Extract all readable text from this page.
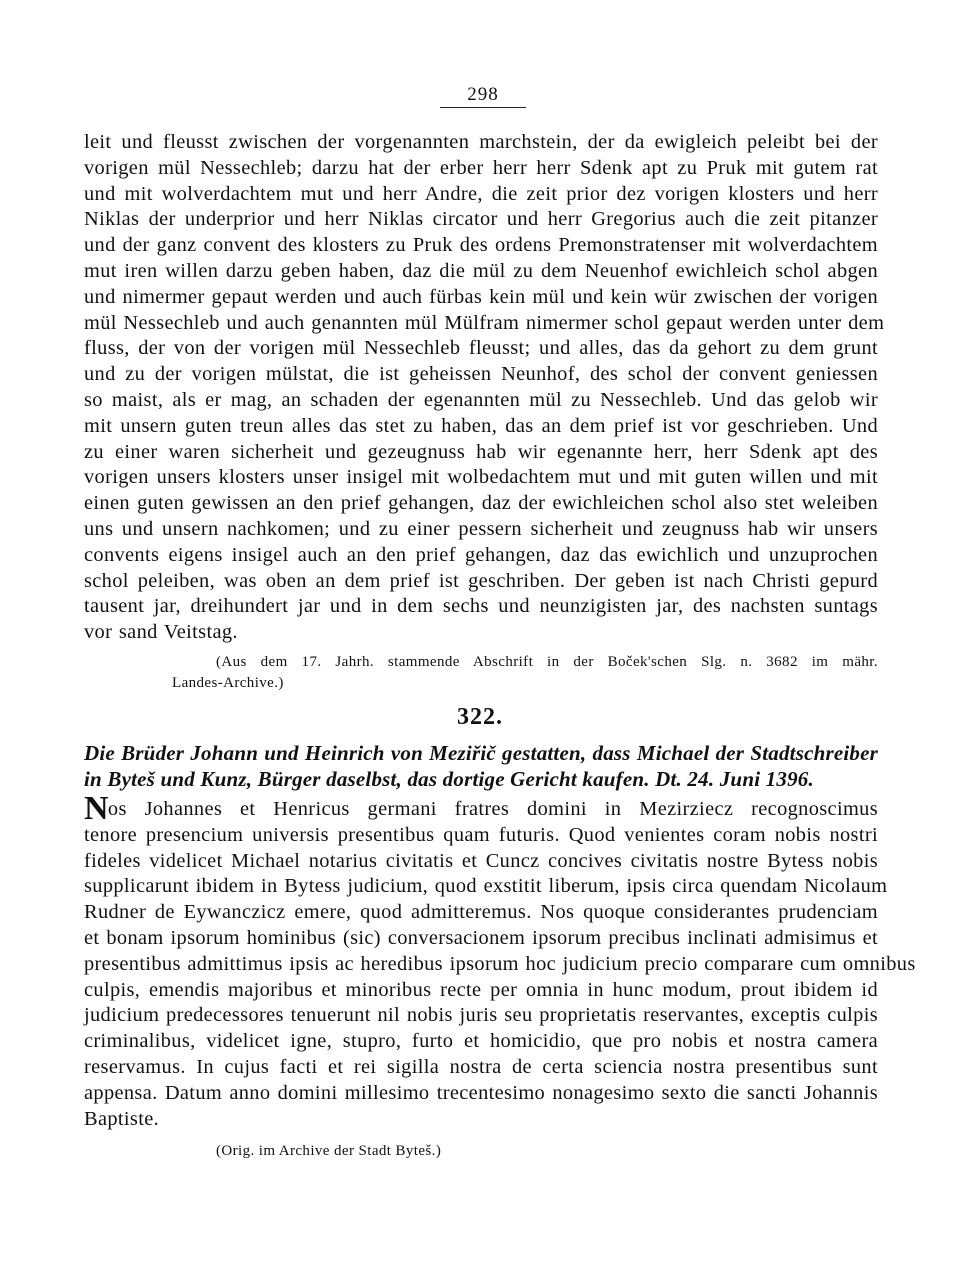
298
leit und fleusst zwischen der vorgenannten marchstein, der da ewigleich peleibt bei der
vorigen mül Nessechleb; darzu hat der erber herr herr Sdenk apt zu Pruk mit gutem rat
und mit wolverdachtem mut und herr Andre, die zeit prior dez vorigen klosters und herr
Niklas der underprior und herr Niklas circator und herr Gregorius auch die zeit pitanzer
und der ganz convent des klosters zu Pruk des ordens Premonstratenser mit wolverdachtem
mut iren willen darzu geben haben, daz die mül zu dem Neuenhof ewichleich schol abgen
und nimermer gepaut werden und auch fürbas kein mül und kein wür zwischen der vorigen
mül Nessechleb und auch genannten mül Mülfram nimermer schol gepaut werden unter dem
fluss, der von der vorigen mül Nessechleb fleusst; und alles, das da gehort zu dem grunt
und zu der vorigen mülstat, die ist geheissen Neunhof, des schol der convent geniessen
so maist, als er mag, an schaden der egenannten mül zu Nessechleb. Und das gelob wir
mit unsern guten treun alles das stet zu haben, das an dem prief ist vor geschrieben. Und
zu einer waren sicherheit und gezeugnuss hab wir egenannte herr, herr Sdenk apt des
vorigen unsers klosters unser insigel mit wolbedachtem mut und mit guten willen und mit
einen guten gewissen an den prief gehangen, daz der ewichleichen schol also stet weleiben
uns und unsern nachkomen; und zu einer pessern sicherheit und zeugnuss hab wir unsers
convents eigens insigel auch an den prief gehangen, daz das ewichlich und unzuprochen
schol peleiben, was oben an dem prief ist geschriben. Der geben ist nach Christi gepurd
tausent jar, dreihundert jar und in dem sechs und neunzigisten jar, des nachsten suntags
vor sand Veitstag.
(Aus dem 17. Jahrh. stammende Abschrift in der Boček'schen Slg. n. 3682 im mähr.
Landes-Archive.)
322.
Die Brüder Johann und Heinrich von Meziřič gestatten, dass Michael der Stadtschreiber
in Byteš und Kunz, Bürger daselbst, das dortige Gericht kaufen. Dt. 24. Juni 1396.
Nos Johannes et Henricus germani fratres domini in Mezirziecz recognoscimus
tenore presencium universis presentibus quam futuris. Quod venientes coram nobis nostri
fideles videlicet Michael notarius civitatis et Cuncz concives civitatis nostre Bytess nobis
supplicarunt ibidem in Bytess judicium, quod exstitit liberum, ipsis circa quendam Nicolaum
Rudner de Eywanczicz emere, quod admitteremus. Nos quoque considerantes prudenciam
et bonam ipsorum hominibus (sic) conversacionem ipsorum precibus inclinati admisimus et
presentibus admittimus ipsis ac heredibus ipsorum hoc judicium precio comparare cum omnibus
culpis, emendis majoribus et minoribus recte per omnia in hunc modum, prout ibidem id
judicium predecessores tenuerunt nil nobis juris seu proprietatis reservantes, exceptis culpis
criminalibus, videlicet igne, stupro, furto et homicidio, que pro nobis et nostra camera
reservamus. In cujus facti et rei sigilla nostra de certa sciencia nostra presentibus sunt
appensa. Datum anno domini millesimo trecentesimo nonagesimo sexto die sancti Johannis
Baptiste.
(Orig. im Archive der Stadt Byteš.)
